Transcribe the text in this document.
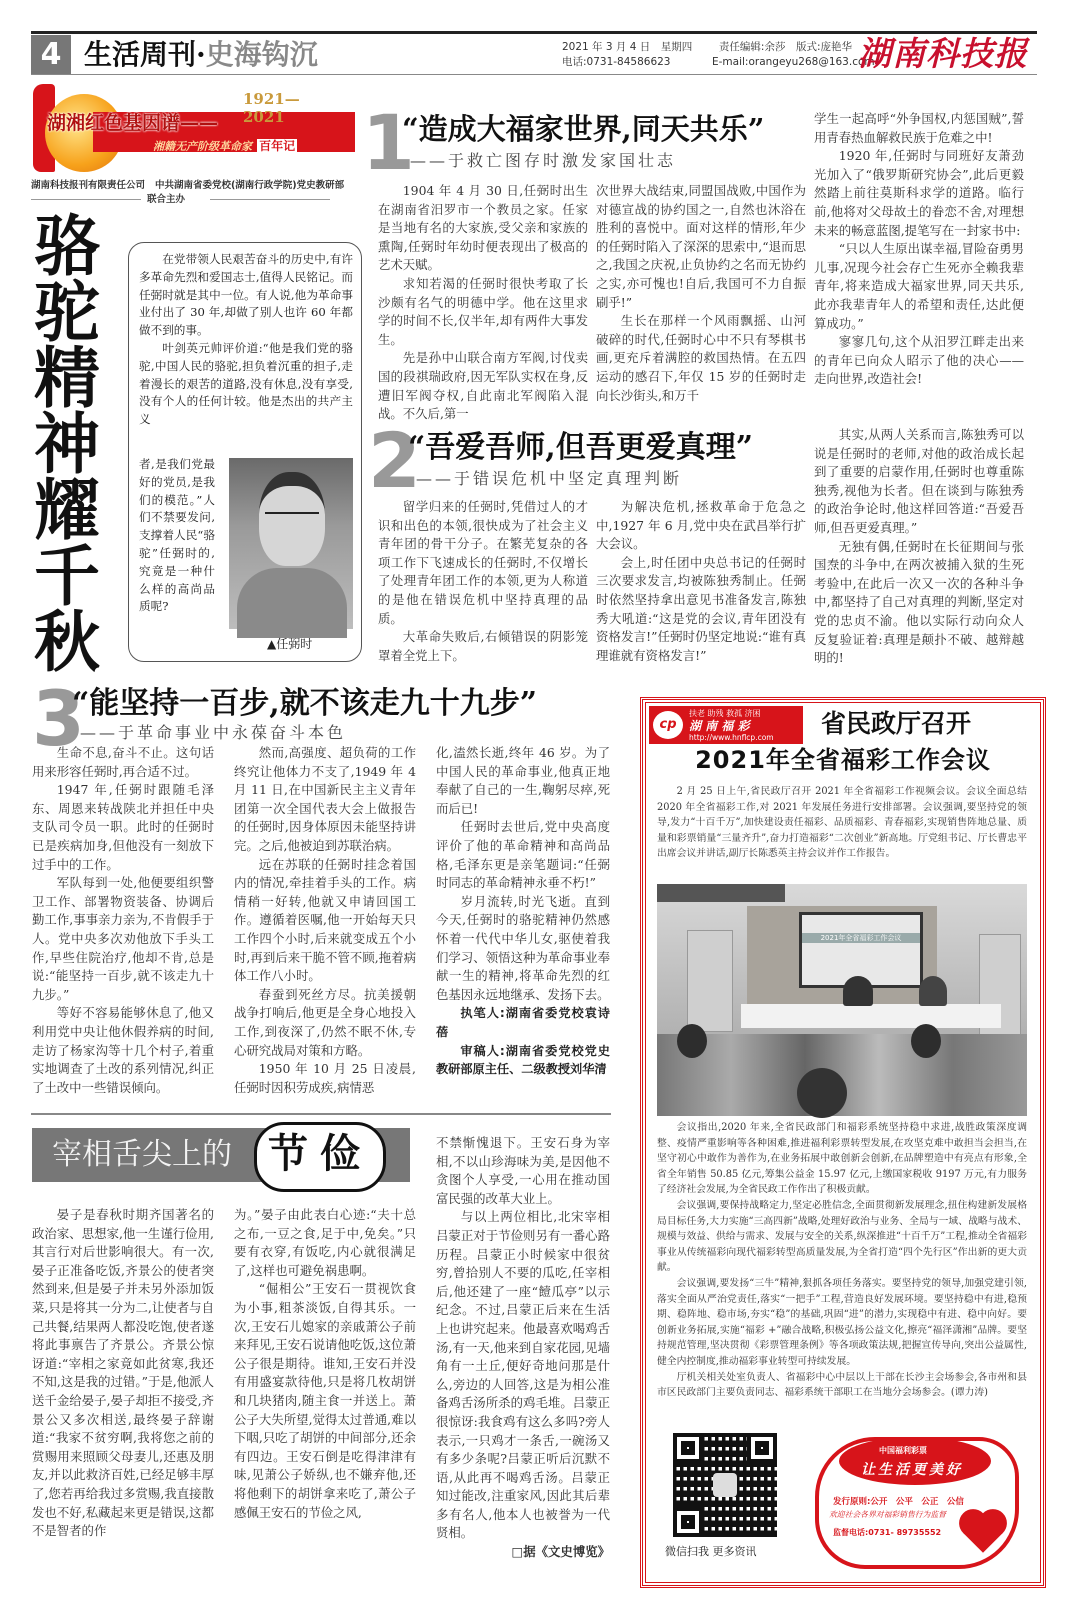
4 生活周刊·史海钩沉	2021 年 3 月 4 日　星期四
电话:0731-84586623
责任编辑:余莎　版式:庞艳华
E-mail:orangeyu268@163.com
湖南科技报
1921—2021
湖湘红色基因谱——
湘籍无产阶级革命家 百年记
湖南科技报刊有限责任公司 中共湖南省委党校(湖南行政学院)党史教研部
联合主办
骆
驼
精
神
耀
千
秋

在党带领人民艰苦奋斗的历史中,有许多革命先烈和爱国志士,值得人民铭记。而任弼时就是其中一位。有人说,他为革命事业付出了 30 年,却做了别人也许 60 年都做不到的事。

叶剑英元帅评价道:“他是我们党的骆驼,中国人民的骆驼,担负着沉重的担子,走着漫长的艰苦的道路,没有休息,没有享受,没有个人的任何计较。他是杰出的共产主义

者,是我们党最好的党员,是我们的模范。”人们不禁要发问,支撑着人民“骆驼”任弼时的,究竟是一种什么样的高尚品质呢?
▲任弼时
1
“造成大福家世界,同天共乐”
——于救亡图存时激发家国壮志

1904 年 4 月 30 日,任弼时出生在湖南省汨罗市一个教员之家。任家是当地有名的大家族,受父亲和家族的熏陶,任弼时年幼时便表现出了极高的艺术天赋。

求知若渴的任弼时很快考取了长沙颇有名气的明德中学。他在这里求学的时间不长,仅半年,却有两件大事发生。

先是孙中山联合南方军阀,讨伐卖国的段祺瑞政府,因无军队实权在身,反遭旧军阀夺权,自此南北军阀陷入混战。不久后,第一

次世界大战结束,同盟国战败,中国作为对德宣战的协约国之一,自然也沐浴在胜利的喜悦中。面对这样的情形,年少的任弼时陷入了深深的思索中,“退而思之,我国之庆祝,止负协约之名而无协约之实,亦可愧也!自后,我国可不力自振刷乎!”

生长在那样一个风雨飘摇、山河破碎的时代,任弼时心中不只有琴棋书画,更充斥着满腔的救国热情。在五四运动的感召下,年仅 15 岁的任弼时走向长沙街头,和万千

学生一起高呼“外争国权,内惩国贼”,誓用青春热血解救民族于危难之中!

1920 年,任弼时与同班好友萧劲光加入了“俄罗斯研究协会”,此后更毅然踏上前往莫斯科求学的道路。临行前,他将对父母故土的眷恋不舍,对理想未来的畅意蓝图,提笔写在一封家书中:

“只以人生原出谋幸福,冒险奋勇男儿事,况现今社会存亡生死亦全赖我辈青年,将来造成大福家世界,同天共乐,此亦我辈青年人的希望和责任,达此便算成功。”

寥寥几句,这个从汨罗江畔走出来的青年已向众人昭示了他的决心——走向世界,改造社会!

2
“吾爱吾师,但吾更爱真理”
——于错误危机中坚定真理判断

留学归来的任弼时,凭借过人的才识和出色的本领,很快成为了社会主义青年团的骨干分子。在繁芜复杂的各项工作下飞速成长的任弼时,不仅增长了处理青年团工作的本领,更为人称道的是他在错误危机中坚持真理的品质。

大革命失败后,右倾错误的阴影笼罩着全党上下。

为解决危机,拯救革命于危急之中,1927 年 6 月,党中央在武昌举行扩大会议。

会上,时任团中央总书记的任弼时三次要求发言,均被陈独秀制止。任弼时依然坚持拿出意见书准备发言,陈独秀大吼道:“这是党的会议,青年团没有资格发言!”任弼时仍坚定地说:“谁有真理谁就有资格发言!”

其实,从两人关系而言,陈独秀可以说是任弼时的老师,对他的政治成长起到了重要的启蒙作用,任弼时也尊重陈独秀,视他为长者。但在谈到与陈独秀的政治争论时,他这样回答道:“吾爱吾师,但吾更爱真理。”

无独有偶,任弼时在长征期间与张国焘的斗争中,在两次被捕入狱的生死考验中,在此后一次又一次的各种斗争中,都坚持了自己对真理的判断,坚定对党的忠贞不渝。他以实际行动向众人反复验证着:真理是颠扑不破、越辩越明的!

3
“能坚持一百步,就不该走九十九步”
——于革命事业中永葆奋斗本色

生命不息,奋斗不止。这句话用来形容任弼时,再合适不过。

1947 年,任弼时跟随毛泽东、周恩来转战陕北并担任中央支队司令员一职。此时的任弼时已是疾病加身,但他没有一刻放下过手中的工作。

军队每到一处,他便要组织警卫工作、部署物资装备、协调后勤工作,事事亲力亲为,不肯假手于人。党中央多次劝他放下手头工作,早些住院治疗,他却不肯,总是说:“能坚持一百步,就不该走九十九步。”

等好不容易能够休息了,他又利用党中央让他休假养病的时间,走访了杨家沟等十几个村子,着重实地调查了土改的系列情况,纠正了土改中一些错误倾向。

然而,高强度、超负荷的工作终究让他体力不支了,1949 年 4 月 11 日,在中国新民主主义青年团第一次全国代表大会上做报告的任弼时,因身体原因未能坚持讲完。之后,他被迫到苏联治病。

远在苏联的任弼时挂念着国内的情况,牵挂着手头的工作。病情稍一好转,他就又申请回国工作。遵循着医嘱,他一开始每天只工作四个小时,后来就变成五个小时,再到后来干脆不管不顾,拖着病体工作八小时。

春蚕到死丝方尽。抗美援朝战争打响后,他更是全身心地投入工作,到夜深了,仍然不眠不休,专心研究战局对策和方略。

1950 年 10 月 25 日凌晨,任弼时因积劳成疾,病情恶

化,溘然长逝,终年 46 岁。为了中国人民的革命事业,他真正地奉献了自己的一生,鞠躬尽瘁,死而后已!

任弼时去世后,党中央高度评价了他的革命精神和高尚品格,毛泽东更是亲笔题词:“任弼时同志的革命精神永垂不朽!”

岁月流转,时光飞逝。直到今天,任弼时的骆驼精神仍然感怀着一代代中华儿女,驱使着我们学习、领悟这种为革命事业奉献一生的精神,将革命先烈的红色基因永远地继承、发扬下去。

执笔人:湖南省委党校袁诗蓓

审稿人:湖南省委党校党史教研部原主任、二级教授刘华清

宰相舌尖上的 节 俭

晏子是春秋时期齐国著名的政治家、思想家,他一生谨行俭用,其言行对后世影响很大。有一次,晏子正准备吃饭,齐景公的使者突然到来,但是晏子并未另外添加饭菜,只是将其一分为二,让使者与自己共餐,结果两人都没吃饱,使者遂将此事禀告了齐景公。齐景公惊讶道:“宰相之家竟如此贫寒,我还不知,这是我的过错。”于是,他派人送千金给晏子,晏子却拒不接受,齐景公又多次相送,最终晏子辞谢道:“我家不贫穷啊,我将您之前的赏赐用来照顾父母妻儿,还惠及朋友,并以此救济百姓,已经足够丰厚了,您若再给我过多赏赐,我直接散发也不好,私藏起来更是错误,这都不是智者的作

为。”晏子由此表白心迹:“夫十总之布,一豆之食,足于中,免矣。”只要有衣穿,有饭吃,内心就很满足了,这样也可避免祸患啊。

“倔相公”王安石一贯视饮食为小事,粗茶淡饭,自得其乐。一次,王安石儿媳家的亲戚萧公子前来拜见,王安石说请他吃饭,这位萧公子很是期待。谁知,王安石并没有用盛宴款待他,只是将几枚胡饼和几块猪肉,随主食一并送上。萧公子大失所望,觉得太过普通,难以下咽,只吃了胡饼的中间部分,还余有四边。王安石倒是吃得津津有味,见萧公子娇纵,也不嫌弃他,还将他剩下的胡饼拿来吃了,萧公子感佩王安石的节俭之风,

不禁惭愧退下。王安石身为宰相,不以山珍海味为美,是因他不贪图个人享受,一心用在推动国富民强的改革大业上。

与以上两位相比,北宋宰相吕蒙正对于节俭则另有一番心路历程。吕蒙正小时候家中很贫穷,曾拾别人不要的瓜吃,任宰相后,他还建了一座“饐瓜亭”以示纪念。不过,吕蒙正后来在生活上也讲究起来。他最喜欢喝鸡舌汤,有一天,他来到自家花园,见墙角有一土丘,便好奇地问那是什么,旁边的人回答,这是为相公准备鸡舌汤所杀的鸡毛堆。吕蒙正很惊讶:我食鸡有这么多吗?旁人表示,一只鸡才一条舌,一碗汤又有多少条呢?吕蒙正听后沉默不语,从此再不喝鸡舌汤。吕蒙正知过能改,注重家风,因此其后辈多有名人,他本人也被誉为一代贤相。

□据《文史博览》

cp
扶老 助残 救孤 济困
湖 南 福 彩
http://www.hnflcp.com 省民政厅召开
2021年全省福彩工作会议
2 月 25 日上午,省民政厅召开 2021 年全省福彩工作视频会议。会议全面总结 2020 年全省福彩工作,对 2021 年发展任务进行安排部署。会议强调,要坚持党的领导,发力“十百千万”,加快建设责任福彩、品质福彩、青春福彩,实现销售阵地总量、质量和彩票销量“三量齐升”,奋力打造福彩“二次创业”新高地。厅党组书记、厅长曹忠平出席会议并讲话,副厅长陈悉英主持会议并作工作报告。
2021年全省福彩工作会议

会议指出,2020 年来,全省民政部门和福彩系统坚持稳中求进,战胜政策深度调整、疫情严重影响等各种困难,推进福利彩票转型发展,在攻坚克难中敢担当会担当,在坚守初心中敢作为善作为,在业务拓展中敢创新会创新,在品牌塑造中有亮点有形象,全省全年销售 50.85 亿元,筹集公益金 15.97 亿元,上缴国家税收 9197 万元,有力服务了经济社会发展,为全省民政工作作出了积极贡献。

会议强调,要保持战略定力,坚定必胜信念,全面贯彻新发展理念,扭住构建新发展格局目标任务,大力实施“三高四新”战略,处理好政治与业务、全局与一域、战略与战术、规模与效益、供给与需求、发展与安全的关系,纵深推进“十百千万”工程,推动全省福彩事业从传统福彩向现代福彩转型高质量发展,为全省打造“四个先行区”作出新的更大贡献。

会议强调,要发扬“三牛”精神,狠抓各项任务落实。要坚持党的领导,加强党建引领,落实全面从严治党责任,落实“一把手”工程,营造良好发展环境。要坚持稳中有进,稳预期、稳阵地、稳市场,夯实“稳”的基础,巩固“进”的潜力,实现稳中有进、稳中向好。要创新业务拓展,实施“福彩 +”融合战略,积极弘扬公益文化,擦亮“福泽潇湘”品牌。要坚持规范管理,坚决贯彻《彩票管理条例》等各项政策法规,把握宣传导向,突出公益属性,健全内控制度,推动福彩事业转型可持续发展。

厅机关相关处室负责人、省福彩中心中层以上干部在长沙主会场参会,各市州和县市区民政部门主要负责同志、福彩系统干部职工在当地分会场参会。(谭力涛)

微信扫我 更多资讯
中国福利彩票
让生活更美好
发行原则:公开　公平　公正　公信
欢迎社会各界对福彩销售行为监督
监督电话:0731- 89735552
